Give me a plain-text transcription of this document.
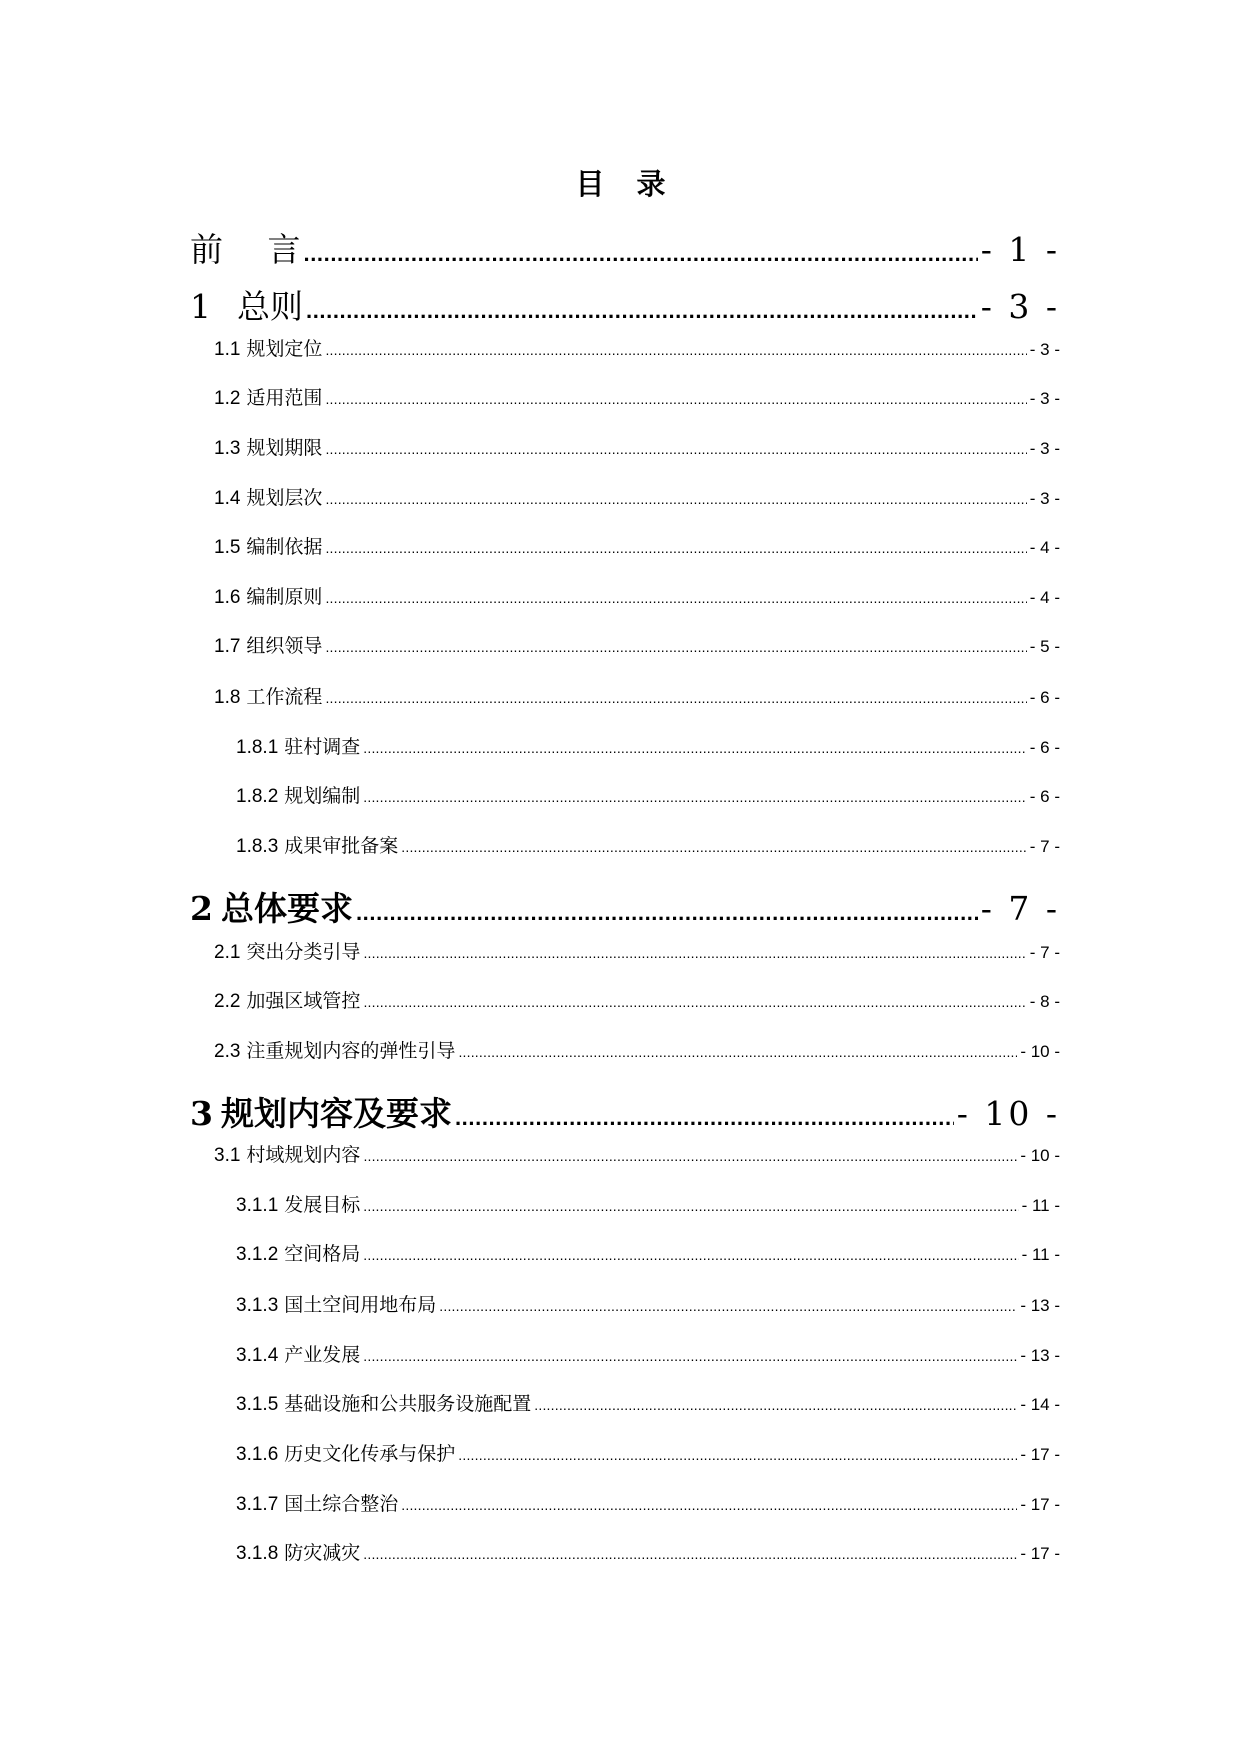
目 录
前 言 .....	- 1 -
1 总则 .....	- 3 -
1.1 规划定位 .....	- 3 -
1.2 适用范围 .....	- 3 -
1.3 规划期限 .....	- 3 -
1.4 规划层次 .....	- 3 -
1.5 编制依据 .....	- 4 -
1.6 编制原则 .....	- 4 -
1.7 组织领导 .....	- 5 -
1.8 工作流程 .....	- 6 -
1.8.1 驻村调查 .....	- 6 -
1.8.2 规划编制 .....	- 6 -
1.8.3 成果审批备案 .....	- 7 -
2 总体要求 .....	- 7 -
2.1 突出分类引导 .....	- 7 -
2.2 加强区域管控 .....	- 8 -
2.3 注重规划内容的弹性引导 .....	- 10 -
3 规划内容及要求 .....	- 10 -
3.1 村域规划内容 .....	- 10 -
3.1.1 发展目标 .....	- 11 -
3.1.2 空间格局 .....	- 11 -
3.1.3 国土空间用地布局 .....	- 13 -
3.1.4 产业发展 .....	- 13 -
3.1.5 基础设施和公共服务设施配置 .....	- 14 -
3.1.6 历史文化传承与保护 .....	- 17 -
3.1.7 国土综合整治 .....	- 17 -
3.1.8 防灾减灾 .....	- 17 -
